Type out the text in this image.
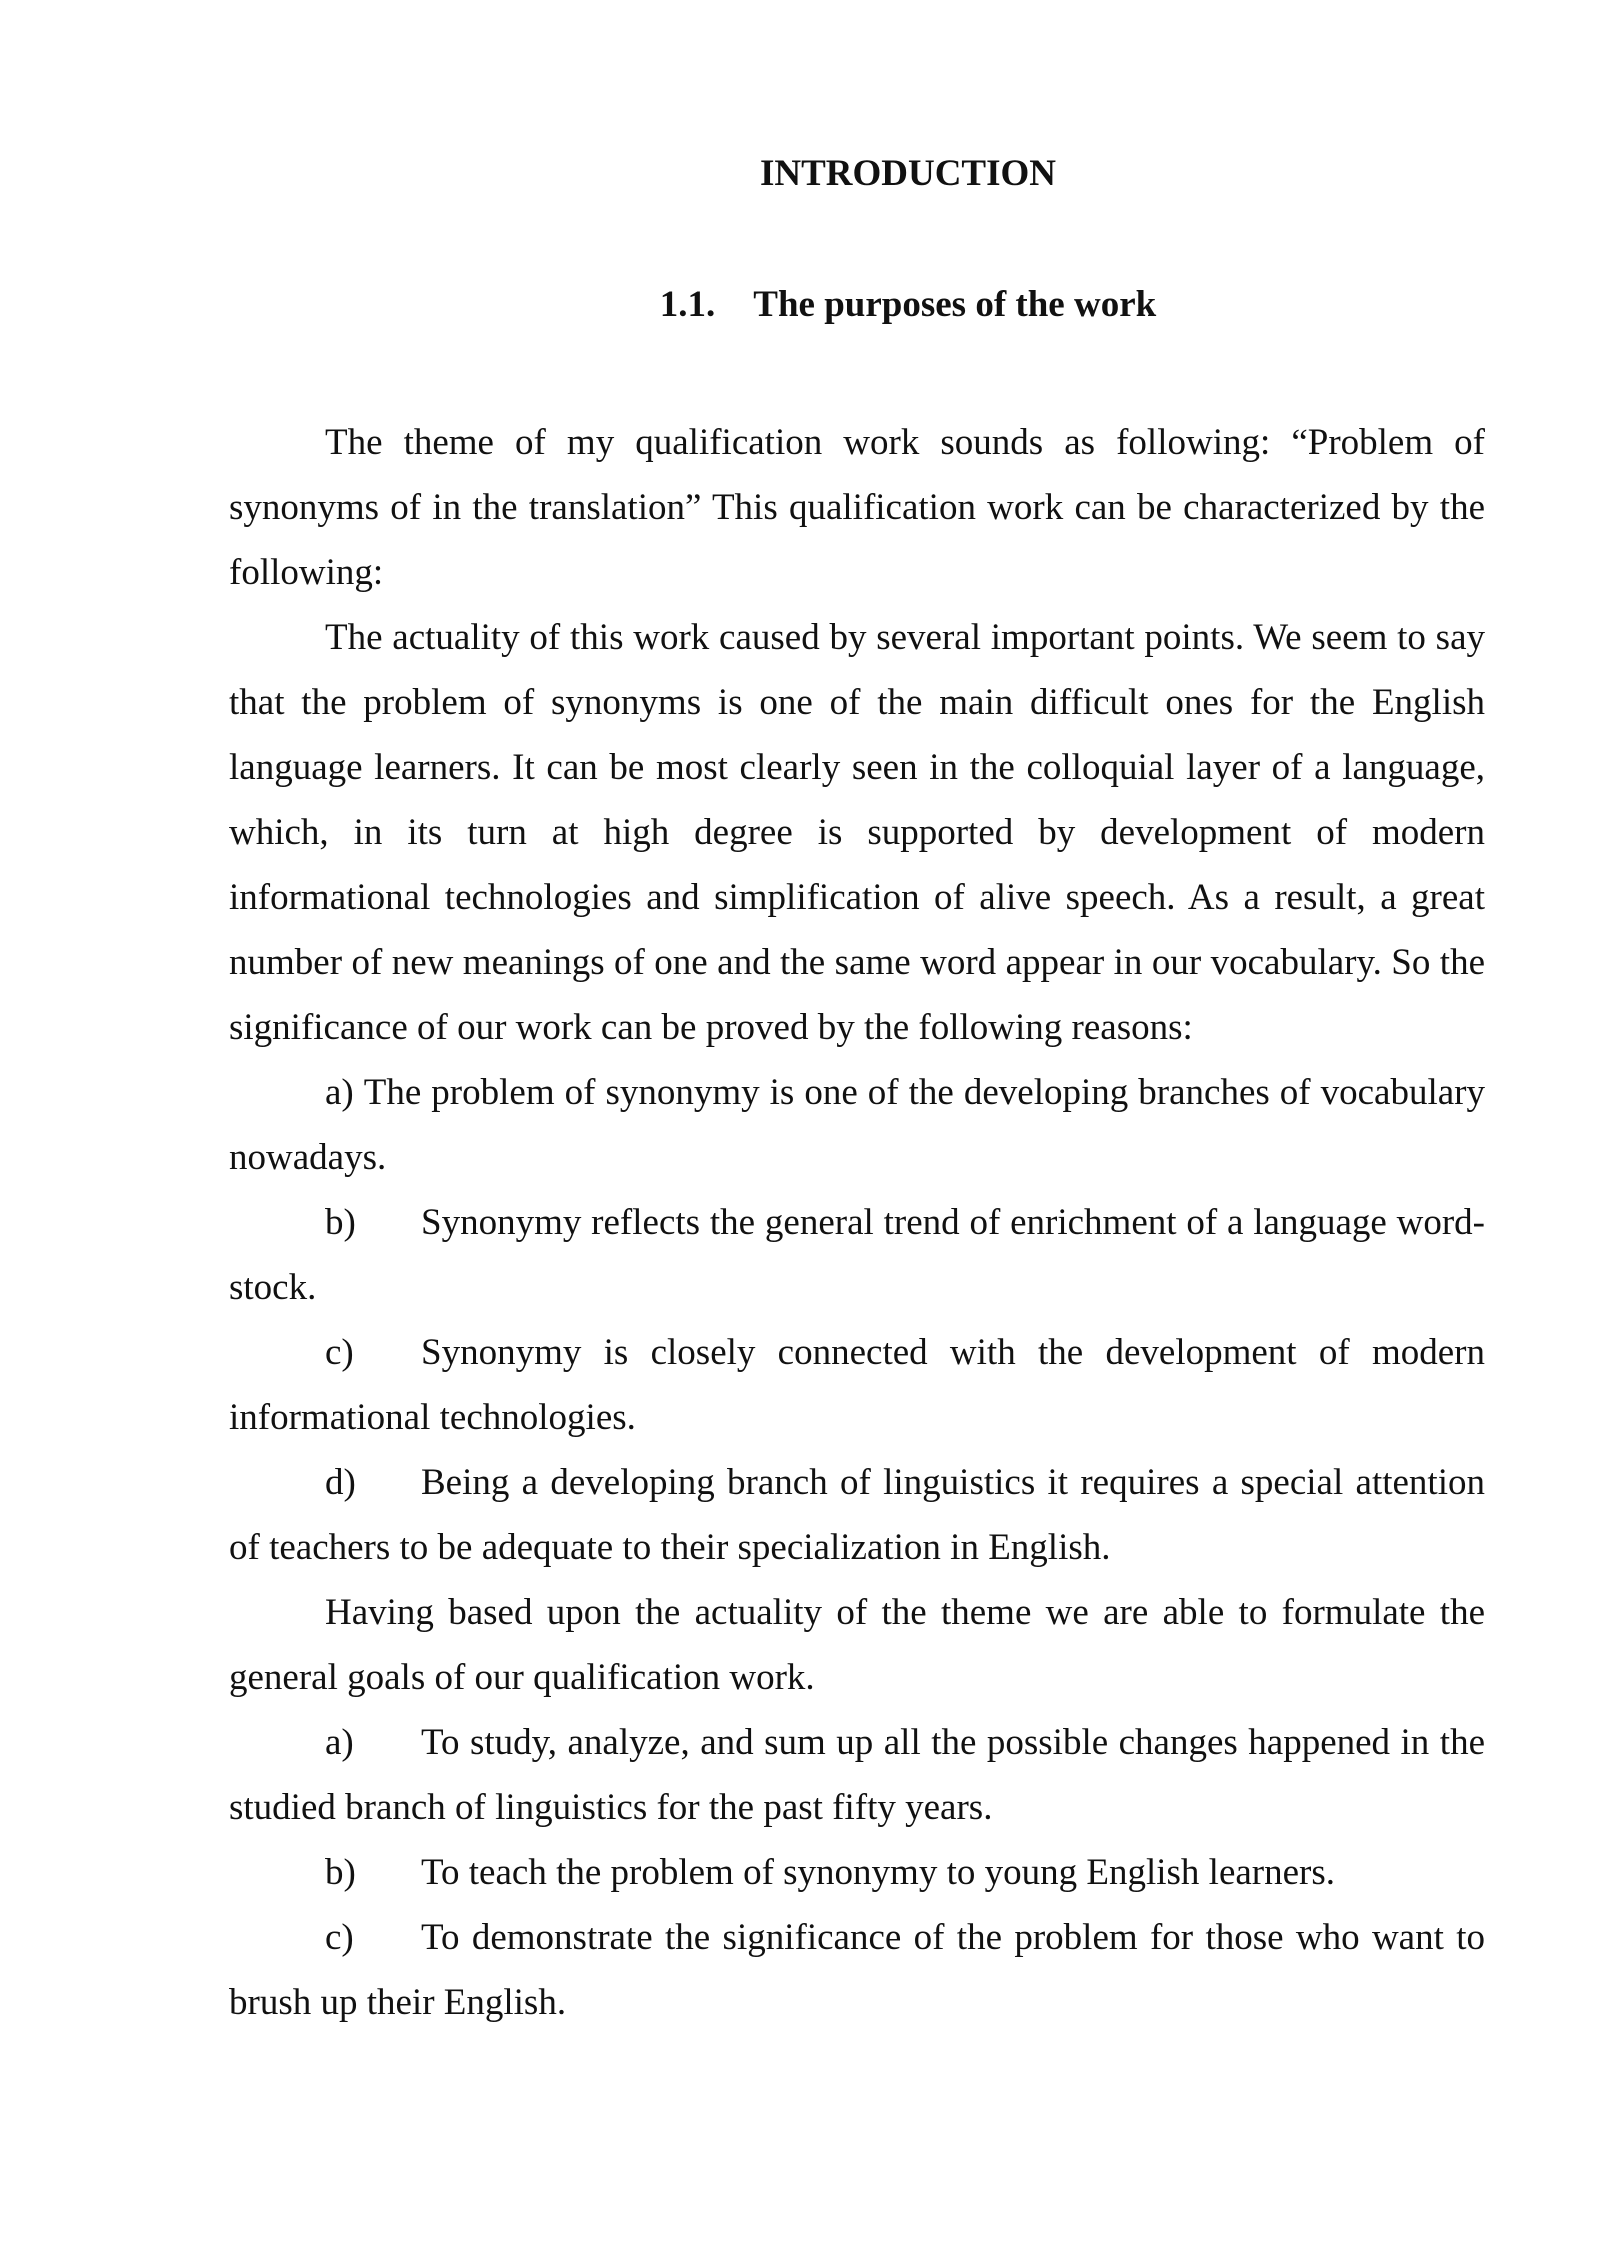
INTRODUCTION
1.1. The purposes of the work

The theme of my qualification work sounds as following: “Problem of synonyms of in the translation” This qualification work can be characterized by the following:

The actuality of this work caused by several important points. We seem to say that the problem of synonyms is one of the main difficult ones for the English language learners. It can be most clearly seen in the colloquial layer of a language, which, in its turn at high degree is supported by development of modern informational technologies and simplification of alive speech. As a result, a great number of new meanings of one and the same word appear in our vocabulary. So the significance of our work can be proved by the following reasons:

a) The problem of synonymy is one of the developing branches of vocabulary nowadays.

b) Synonymy reflects the general trend of enrichment of a language word-stock.

c) Synonymy is closely connected with the development of modern informational technologies.

d) Being a developing branch of linguistics it requires a special attention of teachers to be adequate to their specialization in English.

Having based upon the actuality of the theme we are able to formulate the general goals of our qualification work.

a) To study, analyze, and sum up all the possible changes happened in the studied branch of linguistics for the past fifty years.

b) To teach the problem of synonymy to young English learners.

c) To demonstrate the significance of the problem for those who want to brush up their English.
